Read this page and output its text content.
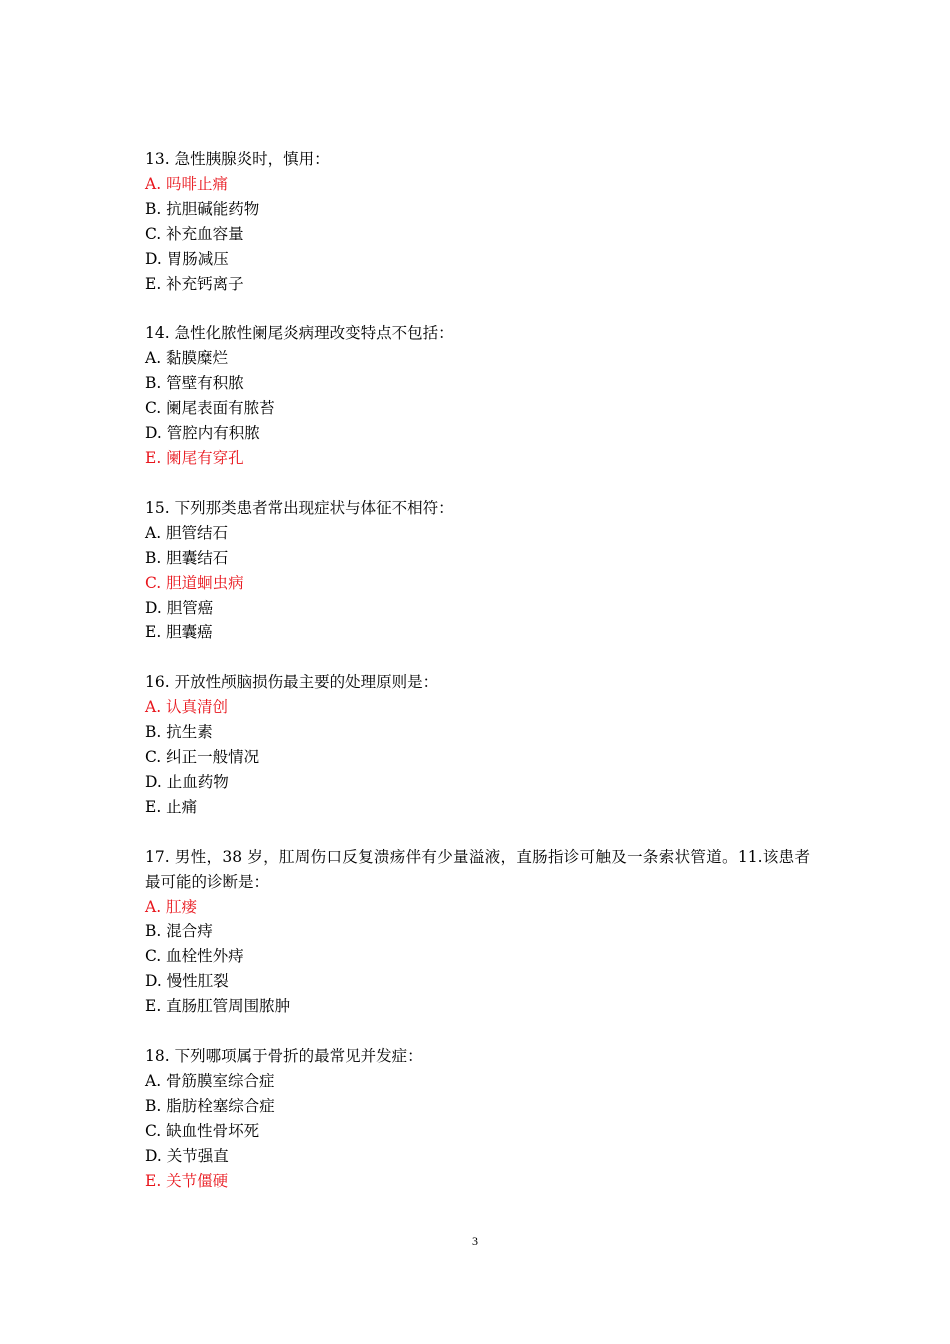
13. 急性胰腺炎时，慎用：
A. 吗啡止痛
B. 抗胆碱能药物
C. 补充血容量
D. 胃肠减压
E. 补充钙离子
14. 急性化脓性阑尾炎病理改变特点不包括：
A. 黏膜糜烂
B. 管壁有积脓
C. 阑尾表面有脓苔
D. 管腔内有积脓
E. 阑尾有穿孔
15. 下列那类患者常出现症状与体征不相符：
A. 胆管结石
B. 胆囊结石
C. 胆道蛔虫病
D. 胆管癌
E. 胆囊癌
16. 开放性颅脑损伤最主要的处理原则是：
A. 认真清创
B. 抗生素
C. 纠正一般情况
D. 止血药物
E. 止痛
17. 男性，38 岁，肛周伤口反复溃疡伴有少量溢液，直肠指诊可触及一条索状管道。11.该患者最可能的诊断是：
A. 肛瘘
B. 混合痔
C. 血栓性外痔
D. 慢性肛裂
E. 直肠肛管周围脓肿
18. 下列哪项属于骨折的最常见并发症：
A. 骨筋膜室综合症
B. 脂肪栓塞综合症
C. 缺血性骨坏死
D. 关节强直
E. 关节僵硬
3
